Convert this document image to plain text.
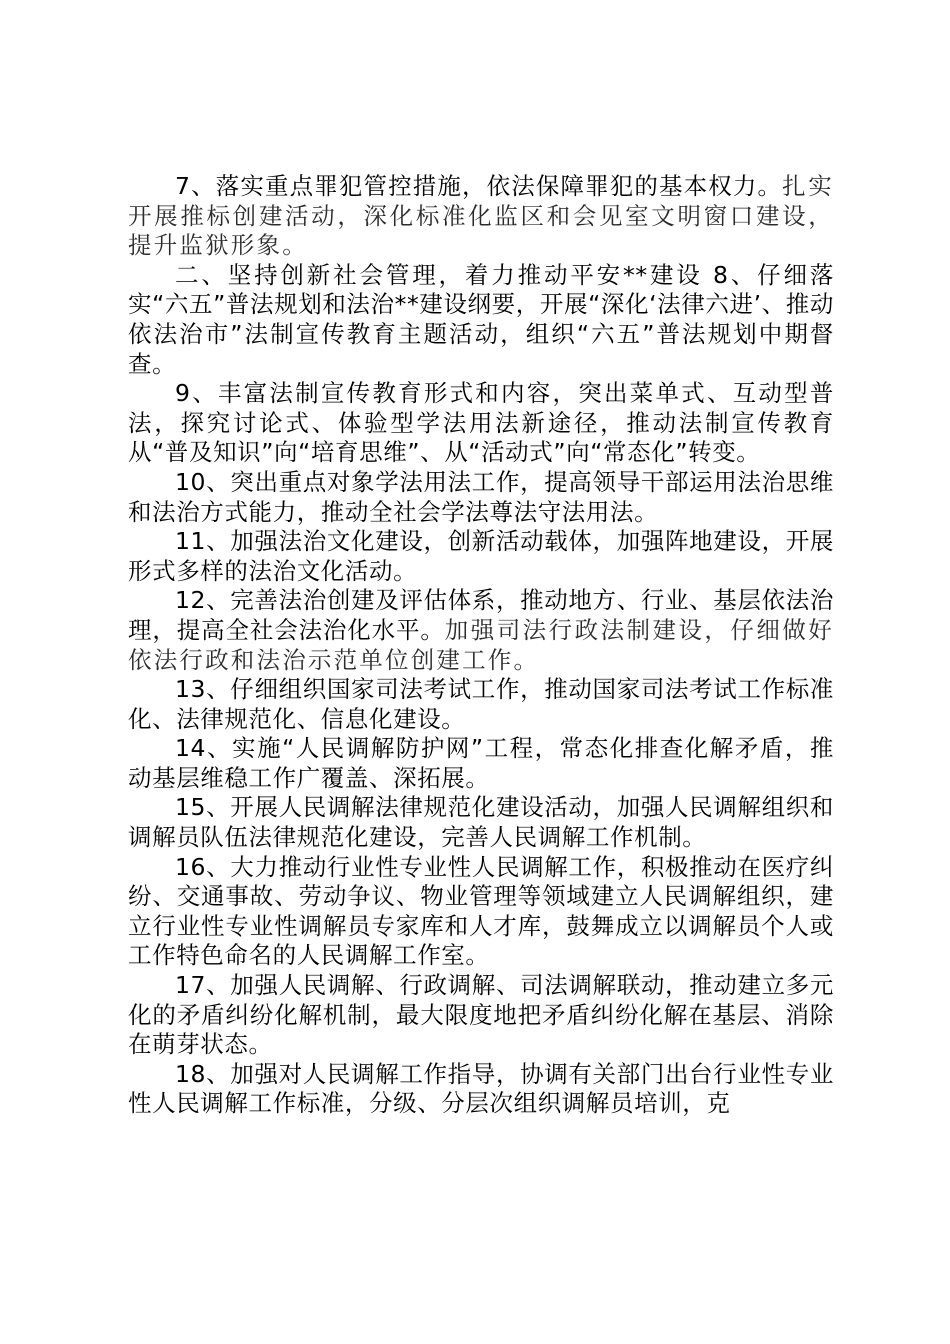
7、落实重点罪犯管控措施，依法保障罪犯的基本权力。扎实开展推标创建活动，深化标准化监区和会见室文明窗口建设，提升监狱形象。

二、坚持创新社会管理，着力推动平安**建设 8、仔细落实“六五”普法规划和法治**建设纲要，开展“深化‘法律六进’、推动依法治市”法制宣传教育主题活动，组织“六五”普法规划中期督查。

9、丰富法制宣传教育形式和内容，突出菜单式、互动型普法，探究讨论式、体验型学法用法新途径，推动法制宣传教育从“普及知识”向“培育思维”、从“活动式”向“常态化”转变。

10、突出重点对象学法用法工作，提高领导干部运用法治思维和法治方式能力，推动全社会学法尊法守法用法。

11、加强法治文化建设，创新活动载体，加强阵地建设，开展形式多样的法治文化活动。

12、完善法治创建及评估体系，推动地方、行业、基层依法治理，提高全社会法治化水平。加强司法行政法制建设，仔细做好依法行政和法治示范单位创建工作。

13、仔细组织国家司法考试工作，推动国家司法考试工作标准化、法律规范化、信息化建设。

14、实施“人民调解防护网”工程，常态化排查化解矛盾，推动基层维稳工作广覆盖、深拓展。

15、开展人民调解法律规范化建设活动，加强人民调解组织和调解员队伍法律规范化建设，完善人民调解工作机制。

16、大力推动行业性专业性人民调解工作，积极推动在医疗纠纷、交通事故、劳动争议、物业管理等领域建立人民调解组织，建立行业性专业性调解员专家库和人才库，鼓舞成立以调解员个人或工作特色命名的人民调解工作室。

17、加强人民调解、行政调解、司法调解联动，推动建立多元化的矛盾纠纷化解机制，最大限度地把矛盾纠纷化解在基层、消除在萌芽状态。

18、加强对人民调解工作指导，协调有关部门出台行业性专业性人民调解工作标准，分级、分层次组织调解员培训，克
